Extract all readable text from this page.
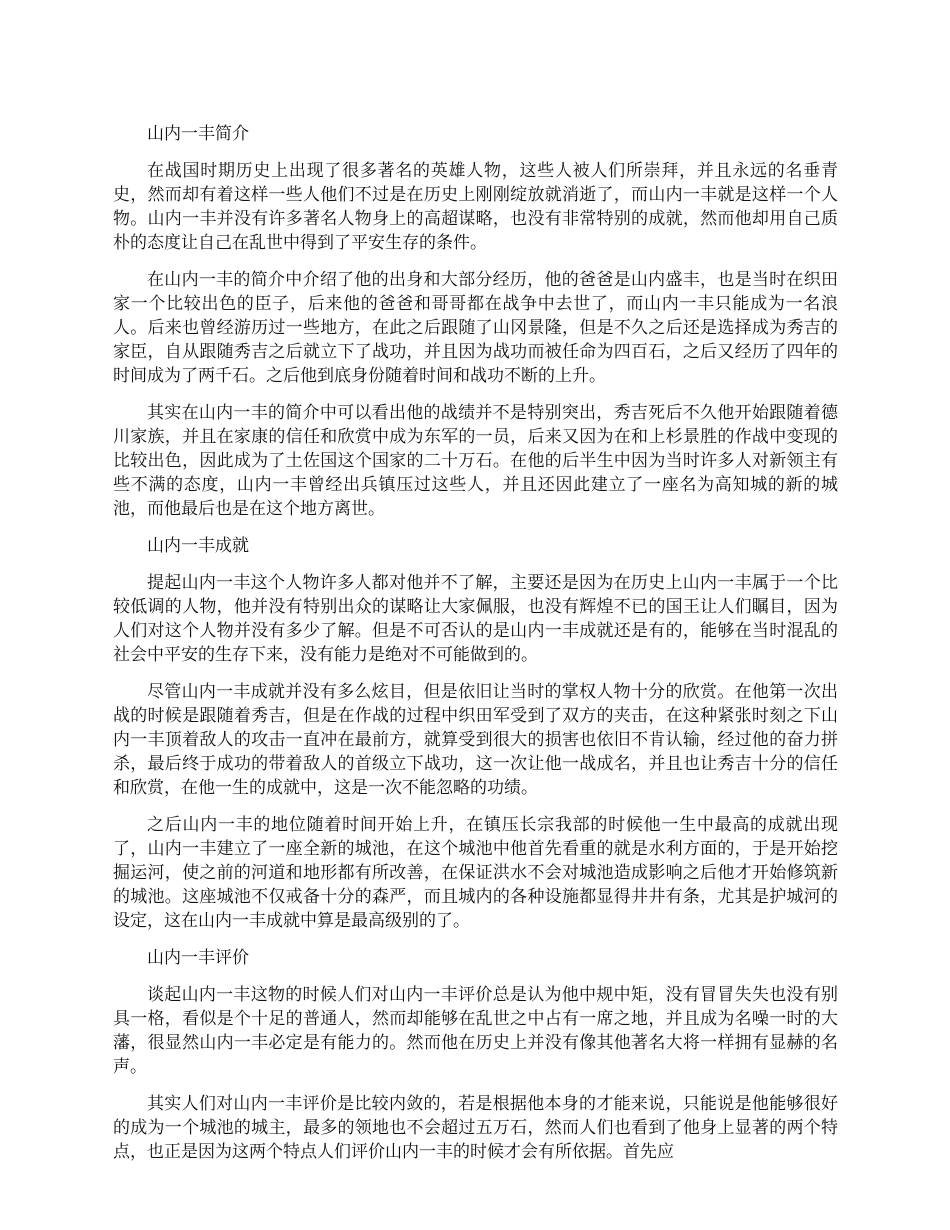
山内一丰简介

在战国时期历史上出现了很多著名的英雄人物，这些人被人们所崇拜，并且永远的名垂青史，然而却有着这样一些人他们不过是在历史上刚刚绽放就消逝了，而山内一丰就是这样一个人物。山内一丰并没有许多著名人物身上的高超谋略，也没有非常特别的成就，然而他却用自己质朴的态度让自己在乱世中得到了平安生存的条件。

在山内一丰的简介中介绍了他的出身和大部分经历，他的爸爸是山内盛丰，也是当时在织田家一个比较出色的臣子，后来他的爸爸和哥哥都在战争中去世了，而山内一丰只能成为一名浪人。后来也曾经游历过一些地方，在此之后跟随了山冈景隆，但是不久之后还是选择成为秀吉的家臣，自从跟随秀吉之后就立下了战功，并且因为战功而被任命为四百石，之后又经历了四年的时间成为了两千石。之后他到底身份随着时间和战功不断的上升。

其实在山内一丰的简介中可以看出他的战绩并不是特别突出，秀吉死后不久他开始跟随着德川家族，并且在家康的信任和欣赏中成为东军的一员，后来又因为在和上杉景胜的作战中变现的比较出色，因此成为了土佐国这个国家的二十万石。在他的后半生中因为当时许多人对新领主有些不满的态度，山内一丰曾经出兵镇压过这些人，并且还因此建立了一座名为高知城的新的城池，而他最后也是在这个地方离世。

山内一丰成就

提起山内一丰这个人物许多人都对他并不了解，主要还是因为在历史上山内一丰属于一个比较低调的人物，他并没有特别出众的谋略让大家佩服，也没有辉煌不已的国王让人们瞩目，因为人们对这个人物并没有多少了解。但是不可否认的是山内一丰成就还是有的，能够在当时混乱的社会中平安的生存下来，没有能力是绝对不可能做到的。

尽管山内一丰成就并没有多么炫目，但是依旧让当时的掌权人物十分的欣赏。在他第一次出战的时候是跟随着秀吉，但是在作战的过程中织田军受到了双方的夹击，在这种紧张时刻之下山内一丰顶着敌人的攻击一直冲在最前方，就算受到很大的损害也依旧不肯认输，经过他的奋力拼杀，最后终于成功的带着敌人的首级立下战功，这一次让他一战成名，并且也让秀吉十分的信任和欣赏，在他一生的成就中，这是一次不能忽略的功绩。

之后山内一丰的地位随着时间开始上升，在镇压长宗我部的时候他一生中最高的成就出现了，山内一丰建立了一座全新的城池，在这个城池中他首先看重的就是水利方面的，于是开始挖掘运河，使之前的河道和地形都有所改善，在保证洪水不会对城池造成影响之后他才开始修筑新的城池。这座城池不仅戒备十分的森严，而且城内的各种设施都显得井井有条，尤其是护城河的设定，这在山内一丰成就中算是最高级别的了。

山内一丰评价

谈起山内一丰这物的时候人们对山内一丰评价总是认为他中规中矩，没有冒冒失失也没有别具一格，看似是个十足的普通人，然而却能够在乱世之中占有一席之地，并且成为名噪一时的大藩，很显然山内一丰必定是有能力的。然而他在历史上并没有像其他著名大将一样拥有显赫的名声。

其实人们对山内一丰评价是比较内敛的，若是根据他本身的才能来说，只能说是他能够很好的成为一个城池的城主，最多的领地也不会超过五万石，然而人们也看到了他身上显著的两个特点，也正是因为这两个特点人们评价山内一丰的时候才会有所依据。首先应
